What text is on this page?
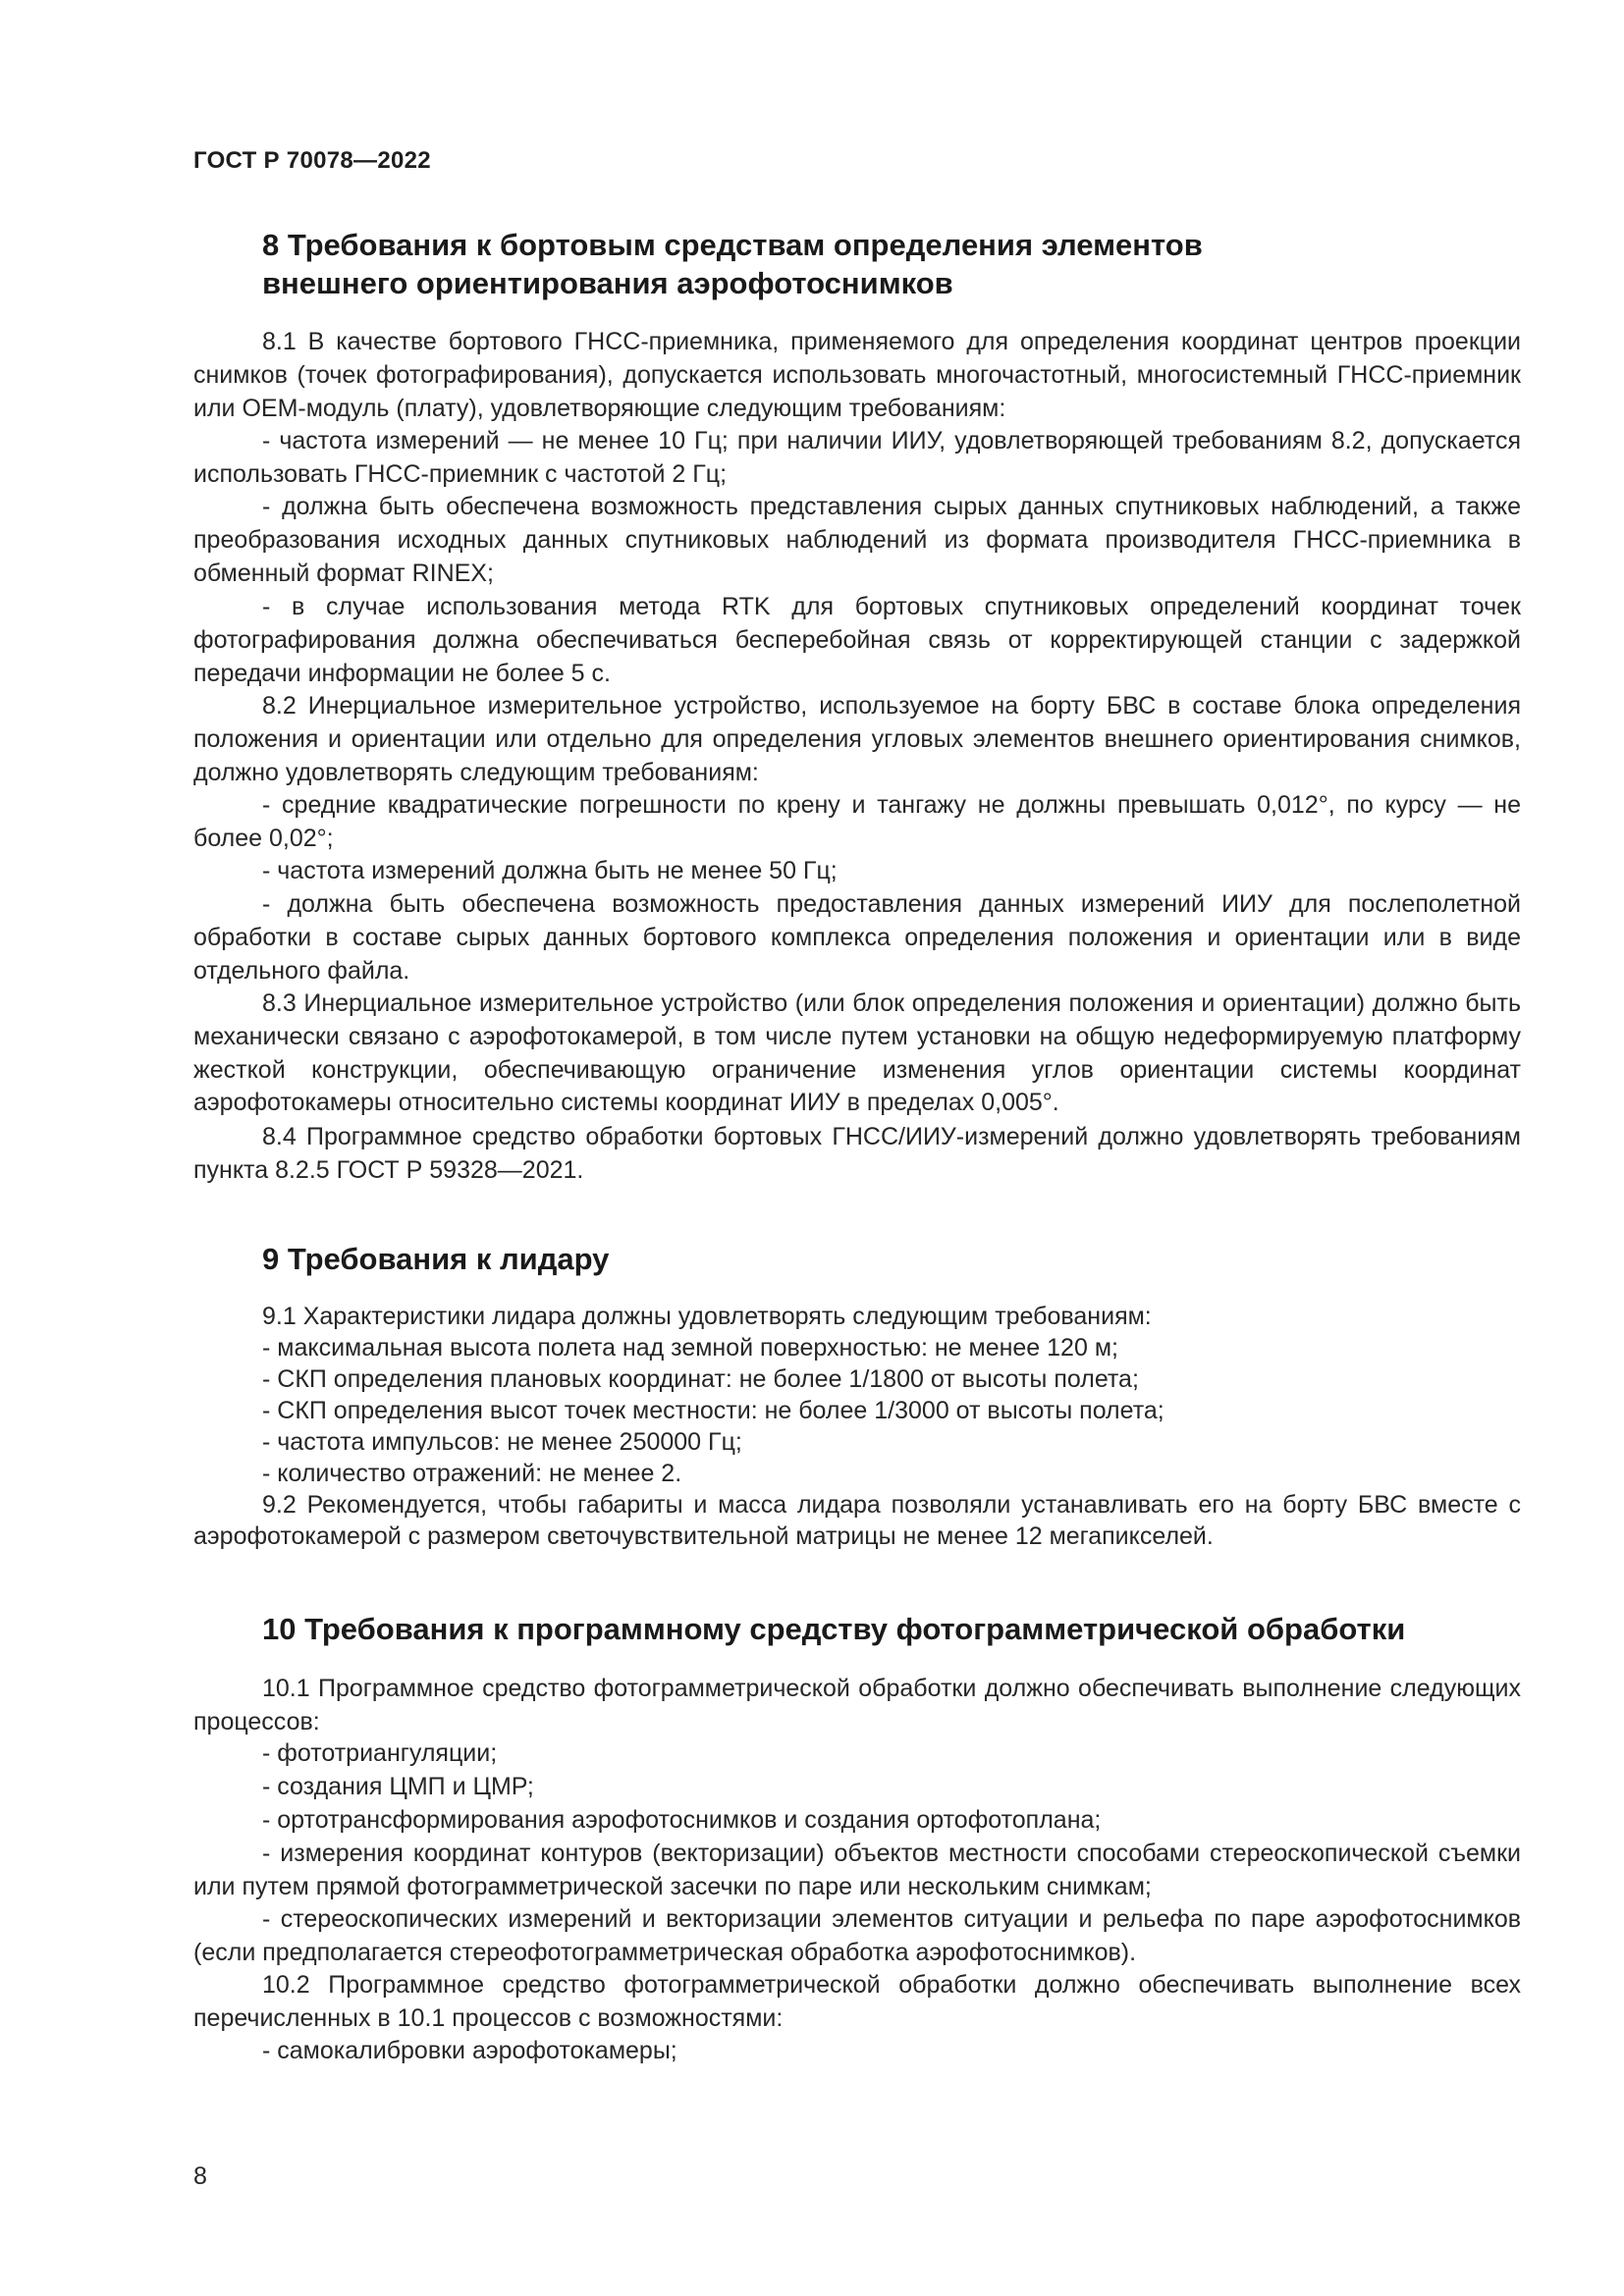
ГОСТ Р 70078—2022
8 Требования к бортовым средствам определения элементов
внешнего ориентирования аэрофотоснимков

8.1 В качестве бортового ГНСС-приемника, применяемого для определения координат центров проекции снимков (точек фотографирования), допускается использовать многочастотный, многосистемный ГНСС-приемник или OEM-модуль (плату), удовлетворяющие следующим требованиям:

- частота измерений — не менее 10 Гц; при наличии ИИУ, удовлетворяющей требованиям 8.2, допускается использовать ГНСС-приемник с частотой 2 Гц;

- должна быть обеспечена возможность представления сырых данных спутниковых наблюдений, а также преобразования исходных данных спутниковых наблюдений из формата производителя ГНСС-приемника в обменный формат RINEX;

- в случае использования метода RTK для бортовых спутниковых определений координат точек фотографирования должна обеспечиваться бесперебойная связь от корректирующей станции с задержкой передачи информации не более 5 с.

8.2 Инерциальное измерительное устройство, используемое на борту БВС в составе блока определения положения и ориентации или отдельно для определения угловых элементов внешнего ориентирования снимков, должно удовлетворять следующим требованиям:

- средние квадратические погрешности по крену и тангажу не должны превышать 0,012°, по курсу — не более 0,02°;

- частота измерений должна быть не менее 50 Гц;

- должна быть обеспечена возможность предоставления данных измерений ИИУ для послеполетной обработки в составе сырых данных бортового комплекса определения положения и ориентации или в виде отдельного файла.

8.3 Инерциальное измерительное устройство (или блок определения положения и ориентации) должно быть механически связано с аэрофотокамерой, в том числе путем установки на общую недеформируемую платформу жесткой конструкции, обеспечивающую ограничение изменения углов ориентации системы координат аэрофотокамеры относительно системы координат ИИУ в пределах 0,005°.

8.4 Программное средство обработки бортовых ГНСС/ИИУ-измерений должно удовлетворять требованиям пункта 8.2.5 ГОСТ Р 59328—2021.

9 Требования к лидару

9.1 Характеристики лидара должны удовлетворять следующим требованиям:

- максимальная высота полета над земной поверхностью: не менее 120 м;

- СКП определения плановых координат: не более 1/1800 от высоты полета;

- СКП определения высот точек местности: не более 1/3000 от высоты полета;

- частота импульсов: не менее 250000 Гц;

- количество отражений: не менее 2.

9.2 Рекомендуется, чтобы габариты и масса лидара позволяли устанавливать его на борту БВС вместе с аэрофотокамерой с размером светочувствительной матрицы не менее 12 мегапикселей.

10 Требования к программному средству фотограмметрической обработки

10.1 Программное средство фотограмметрической обработки должно обеспечивать выполнение следующих процессов:

- фототриангуляции;

- создания ЦМП и ЦМР;

- ортотрансформирования аэрофотоснимков и создания ортофотоплана;

- измерения координат контуров (векторизации) объектов местности способами стереоскопической съемки или путем прямой фотограмметрической засечки по паре или нескольким снимкам;

- стереоскопических измерений и векторизации элементов ситуации и рельефа по паре аэрофотоснимков (если предполагается стереофотограмметрическая обработка аэрофотоснимков).

10.2 Программное средство фотограмметрической обработки должно обеспечивать выполнение всех перечисленных в 10.1 процессов с возможностями:

- самокалибровки аэрофотокамеры;

8
